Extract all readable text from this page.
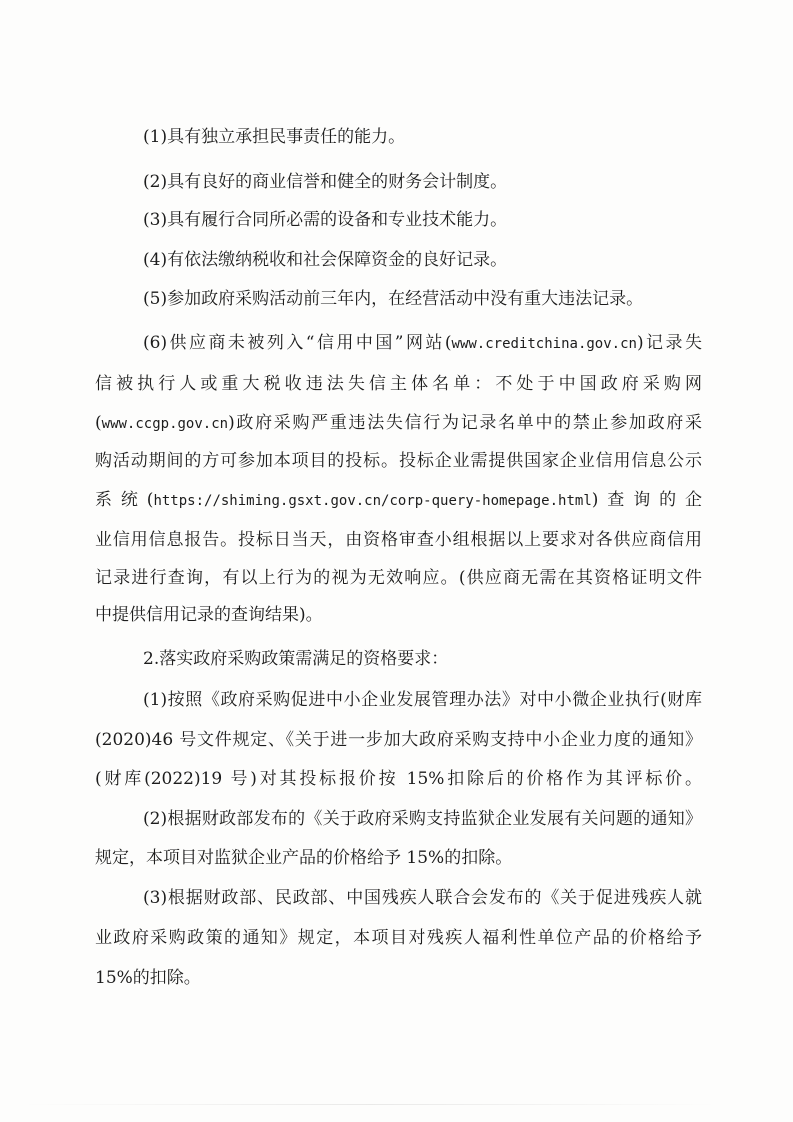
(1)具有独立承担民事责任的能力。
(2)具有良好的商业信誉和健全的财务会计制度。
(3)具有履行合同所必需的设备和专业技术能力。
(4)有依法缴纳税收和社会保障资金的良好记录。
(5)参加政府采购活动前三年内，在经营活动中没有重大违法记录。
(6)供应商未被列入“信用中国”网站(www.creditchina.gov.cn)记录失
信被执行人或重大税收违法失信主体名单：不处于中国政府采购网
(www.ccgp.gov.cn)政府采购严重违法失信行为记录名单中的禁止参加政府采
购活动期间的方可参加本项目的投标。投标企业需提供国家企业信用信息公示
系统(https://shiming.gsxt.gov.cn/corp-query-homepage.html)查询的企
业信用信息报告。投标日当天，由资格审查小组根据以上要求对各供应商信用
记录进行查询，有以上行为的视为无效响应。(供应商无需在其资格证明文件
中提供信用记录的查询结果)。
2.落实政府采购政策需满足的资格要求：
(1)按照《政府采购促进中小企业发展管理办法》对中小微企业执行(财库
(2020)46 号文件规定、《关于进一步加大政府采购支持中小企业力度的通知》
(财库(2022)19 号)对其投标报价按 15%扣除后的价格作为其评标价。
(2)根据财政部发布的《关于政府采购支持监狱企业发展有关问题的通知》
规定，本项目对监狱企业产品的价格给予 15%的扣除。
(3)根据财政部、民政部、中国残疾人联合会发布的《关于促进残疾人就
业政府采购政策的通知》规定，本项目对残疾人福利性单位产品的价格给予
15%的扣除。
